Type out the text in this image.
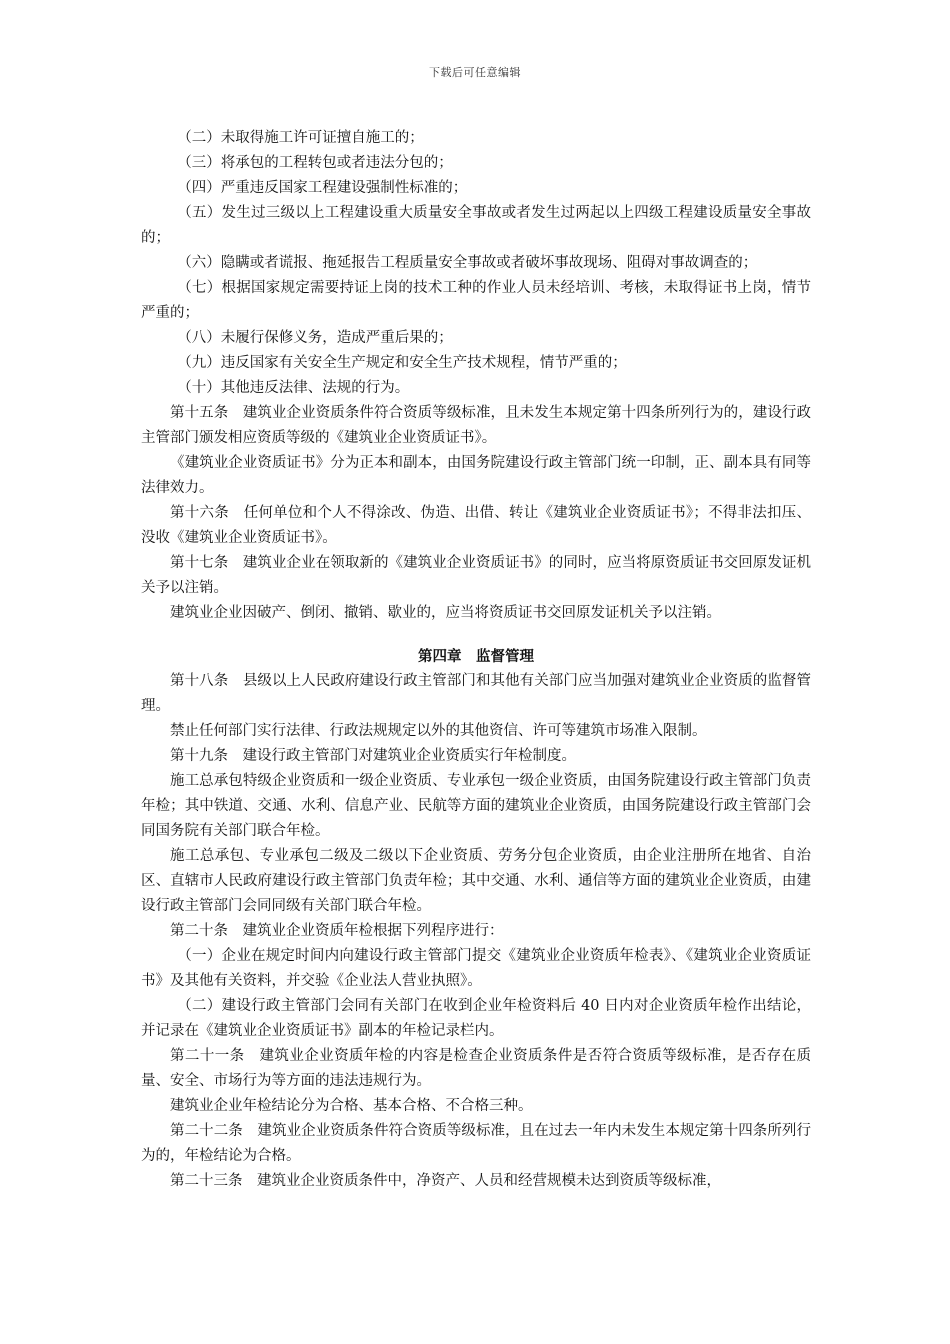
下载后可任意编辑

（二）未取得施工许可证擅自施工的；

（三）将承包的工程转包或者违法分包的；

（四）严重违反国家工程建设强制性标准的；

（五）发生过三级以上工程建设重大质量安全事故或者发生过两起以上四级工程建设质量安全事故的；

（六）隐瞒或者谎报、拖延报告工程质量安全事故或者破坏事故现场、阻碍对事故调查的；

（七）根据国家规定需要持证上岗的技术工种的作业人员未经培训、考核，未取得证书上岗，情节严重的；

（八）未履行保修义务，造成严重后果的；

（九）违反国家有关安全生产规定和安全生产技术规程，情节严重的；

（十）其他违反法律、法规的行为。

第十五条　建筑业企业资质条件符合资质等级标准，且未发生本规定第十四条所列行为的，建设行政主管部门颁发相应资质等级的《建筑业企业资质证书》。

《建筑业企业资质证书》分为正本和副本，由国务院建设行政主管部门统一印制，正、副本具有同等法律效力。

第十六条　任何单位和个人不得涂改、伪造、出借、转让《建筑业企业资质证书》；不得非法扣压、没收《建筑业企业资质证书》。

第十七条　建筑业企业在领取新的《建筑业企业资质证书》的同时，应当将原资质证书交回原发证机关予以注销。

建筑业企业因破产、倒闭、撤销、歇业的，应当将资质证书交回原发证机关予以注销。

第四章　监督管理

第十八条　县级以上人民政府建设行政主管部门和其他有关部门应当加强对建筑业企业资质的监督管理。

禁止任何部门实行法律、行政法规规定以外的其他资信、许可等建筑市场准入限制。

第十九条　建设行政主管部门对建筑业企业资质实行年检制度。

施工总承包特级企业资质和一级企业资质、专业承包一级企业资质，由国务院建设行政主管部门负责年检；其中铁道、交通、水利、信息产业、民航等方面的建筑业企业资质，由国务院建设行政主管部门会同国务院有关部门联合年检。

施工总承包、专业承包二级及二级以下企业资质、劳务分包企业资质，由企业注册所在地省、自治区、直辖市人民政府建设行政主管部门负责年检；其中交通、水利、通信等方面的建筑业企业资质，由建设行政主管部门会同同级有关部门联合年检。

第二十条　建筑业企业资质年检根据下列程序进行：

（一）企业在规定时间内向建设行政主管部门提交《建筑业企业资质年检表》、《建筑业企业资质证书》及其他有关资料，并交验《企业法人营业执照》。

（二）建设行政主管部门会同有关部门在收到企业年检资料后 40 日内对企业资质年检作出结论，并记录在《建筑业企业资质证书》副本的年检记录栏内。

第二十一条　建筑业企业资质年检的内容是检查企业资质条件是否符合资质等级标准，是否存在质量、安全、市场行为等方面的违法违规行为。

建筑业企业年检结论分为合格、基本合格、不合格三种。

第二十二条　建筑业企业资质条件符合资质等级标准，且在过去一年内未发生本规定第十四条所列行为的，年检结论为合格。

第二十三条　建筑业企业资质条件中，净资产、人员和经营规模未达到资质等级标准，
